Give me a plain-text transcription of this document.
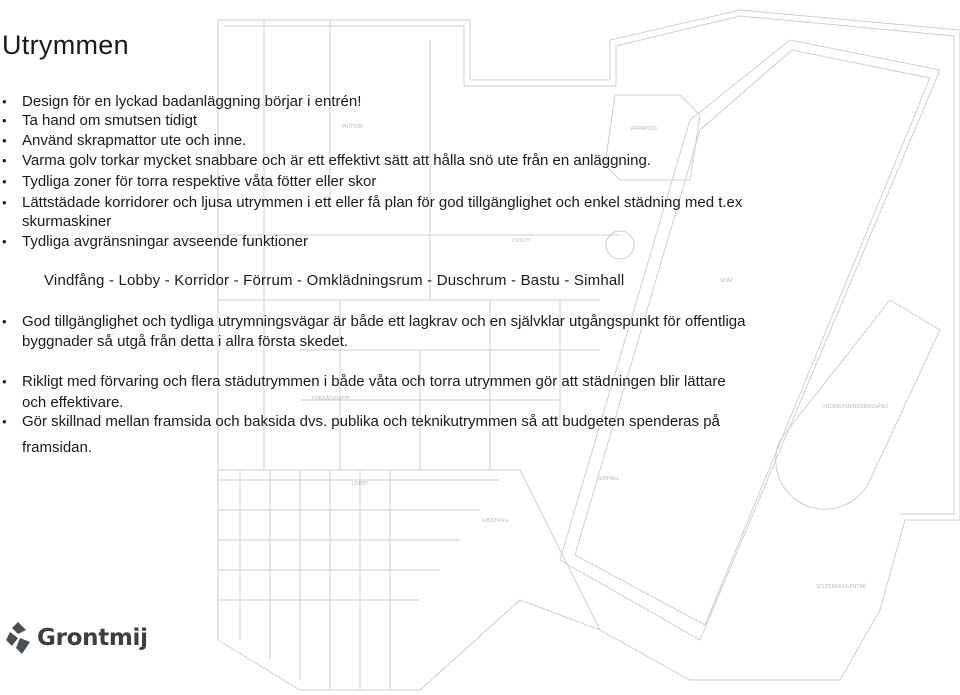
VÄRMPOOL
SIMHALL
LOBBY
VINDFÅNG
UNDERVISNINGSBASSÄNG
SOLTERRASS/ENTRÉ
MOTION
FÖRRÅD/KAFFE
DUSCH
SKÅP
Utrymmen
• Design för en lyckad badanläggning börjar i entrén!
• Ta hand om smutsen tidigt
• Använd skrapmattor ute och inne.
• Varma golv torkar mycket snabbare och är ett effektivt sätt att hålla snö ute från en anläggning.
• Tydliga zoner för torra respektive våta fötter eller skor
• Lättstädade korridorer och ljusa utrymmen i ett eller få plan för god tillgänglighet och enkel städning med t.ex
skurmaskiner
• Tydliga avgränsningar avseende funktioner
Vindfång - Lobby - Korridor - Förrum - Omklädningsrum - Duschrum - Bastu - Simhall
• God tillgänglighet och tydliga utrymningsvägar är både ett lagkrav och en självklar utgångspunkt för offentliga
byggnader så utgå från detta i allra första skedet.
• Rikligt med förvaring och flera städutrymmen i både våta och torra utrymmen gör att städningen blir lättare
och effektivare.
• Gör skillnad mellan framsida och baksida dvs. publika och teknikutrymmen så att budgeten spenderas på
framsidan.
Grontmij
